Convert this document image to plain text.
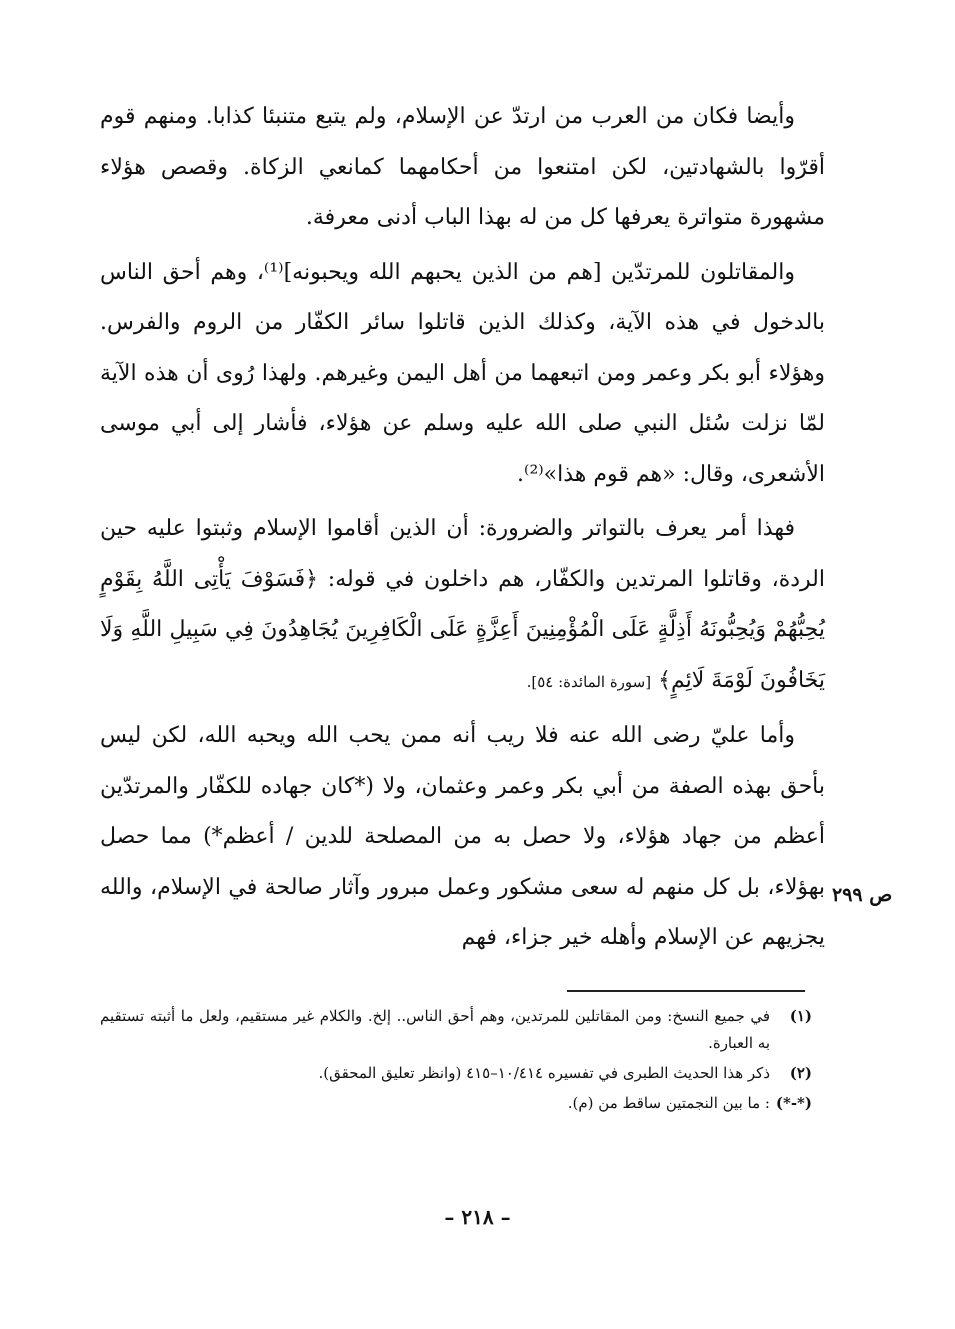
وأيضا فكان من العرب من ارتدّ عن الإسلام، ولم يتبع متنبئا كذابا. ومنهم قوم أقرّوا بالشهادتين، لكن امتنعوا من أحكامهما كمانعي الزكاة. وقصص هؤلاء مشهورة متواترة يعرفها كل من له بهذا الباب أدنى معرفة.

والمقاتلون للمرتدّين [هم من الذين يحبهم الله ويحبونه]⁽¹⁾، وهم أحق الناس بالدخول في هذه الآية، وكذلك الذين قاتلوا سائر الكفّار من الروم والفرس. وهؤلاء أبو بكر وعمر ومن اتبعهما من أهل اليمن وغيرهم. ولهذا رُوى أن هذه الآية لمّا نزلت سُئل النبي صلى الله عليه وسلم عن هؤلاء، فأشار إلى أبي موسى الأشعرى، وقال: «هم قوم هذا»⁽²⁾.

فهذا أمر يعرف بالتواتر والضرورة: أن الذين أقاموا الإسلام وثبتوا عليه حين الردة، وقاتلوا المرتدين والكفّار، هم داخلون في قوله: ﴿فَسَوْفَ يَأْتِى اللَّهُ بِقَوْمٍ يُحِبُّهُمْ وَيُحِبُّونَهُ أَذِلَّةٍ عَلَى الْمُؤْمِنِينَ أَعِزَّةٍ عَلَى الْكَافِرِينَ يُجَاهِدُونَ فِي سَبِيلِ اللَّهِ وَلَا يَخَافُونَ لَوْمَةَ لَائِمٍ﴾ [سورة المائدة: ٥٤].

وأما عليّ رضى الله عنه فلا ريب أنه ممن يحب الله ويحبه الله، لكن ليس بأحق بهذه الصفة من أبي بكر وعمر وعثمان، ولا (*كان جهاده للكفّار والمرتدّين أعظم من جهاد هؤلاء، ولا حصل به من المصلحة للدين / أعظم*) مما حصل بهؤلاء، بل كل منهم له سعى مشكور وعمل مبرور وآثار صالحة في الإسلام، والله يجزيهم عن الإسلام وأهله خير جزاء، فهم

ص ٢٩٩
(١)
في جميع النسخ: ومن المقاتلين للمرتدين، وهم أحق الناس.. إلخ. والكلام غير مستقيم، ولعل ما أثبته تستقيم به العبارة.
(٢)
ذكر هذا الحديث الطبرى في تفسيره ١٠/٤١٤–٤١٥ (وانظر تعليق المحقق).
(*-*)
: ما بين النجمتين ساقط من (م).
– ٢١٨ –
